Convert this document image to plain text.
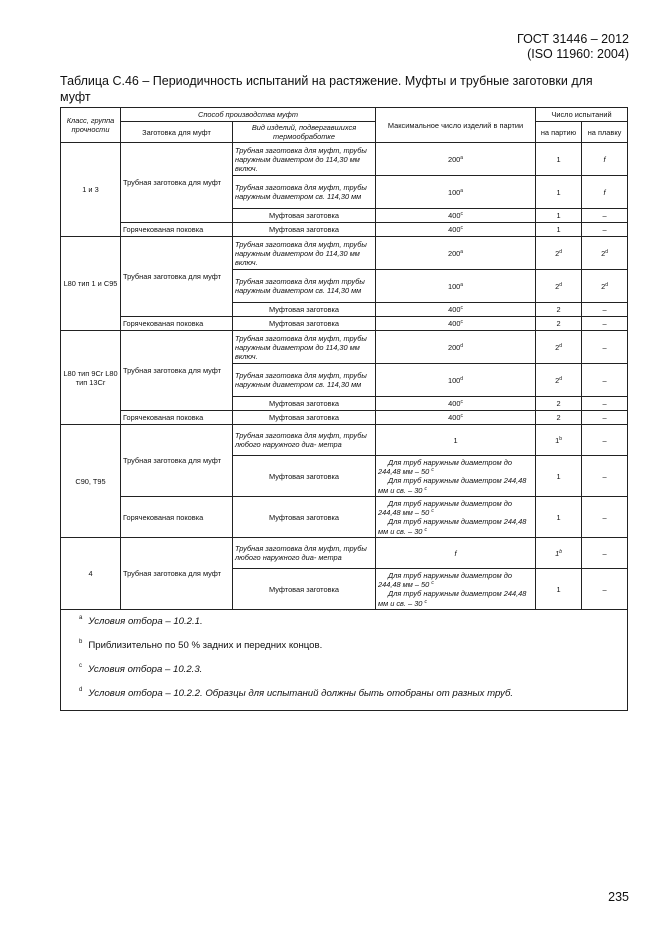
ГОСТ 31446 – 2012
(ISO 11960: 2004)
Таблица С.46 – Периодичность испытаний на растяжение. Муфты и трубные заготовки для муфт
Класс, группа прочности	Способ производства муфт		Максимальное число изделий в партии	Число испытаний	
	Заготовка для муфт	Вид изделий, подвергавшихся термообработке		на партию	на плавку
1 и 3	Трубная заготовка для муфт	Трубная заготовка для муфт, трубы наружным диаметром до 114,30 мм включ.	200$^a$	1	f
		Трубная заготовка для муфт, трубы наружным диаметром св. 114,30 мм	100$^a$	1	f
		Муфтовая заготовка	400$^c$	1	–
	Горячекованая поковка	Муфтовая заготовка	400$^c$	1	–
L80 тип 1 и C95	Трубная заготовка для муфт	Трубная заготовка для муфт, трубы наружным диаметром до 114,30 мм включ.	200$^a$	2$^d$	2$^d$
		Трубная заготовка для муфт трубы наружным диаметром св. 114,30 мм	100$^a$	2$^d$	2$^d$
		Муфтовая заготовка	400$^c$	2	–
	Горячекованая поковка	Муфтовая заготовка	400$^c$	2	–
L80 тип 9Cr L80 тип 13Cr	Трубная заготовка для муфт	Трубная заготовка для муфт, трубы наружным диаметром до 114,30 мм включ.	200$^d$	2$^d$	–
		Трубная заготовка для муфт, трубы наружным диаметром св. 114,30 мм	100$^d$	2$^d$	–
		Муфтовая заготовка	400$^c$	2	–
	Горячекованая поковка	Муфтовая заготовка	400$^c$	2	–
C90, T95	Трубная заготовка для муфт	Трубная заготовка для муфт, трубы любого наружного диа- метра	1	1$^b$	–
		Муфтовая заготовка	Для труб наружным диаметром до 244,48 мм – 50 $^c$
Для труб наружным диаметром 244,48 мм и св. – 30 $^c$	1	–
	Горячекованая поковка	Муфтовая заготовка	Для труб наружным диаметром до 244,48 мм – 50 $^c$
Для труб наружным диаметром 244,48 мм и св. – 30 $^c$	1	–
4	Трубная заготовка для муфт	Трубная заготовка для муфт, трубы любого наружного диа- метра	f	1$^b$	–
		Муфтовая заготовка	Для труб наружным диаметром до 244,48 мм – 50 $^c$
Для труб наружным диаметром 244,48 мм и св. – 30 $^c$	1	–

$^a$ Условия отбора – 10.2.1.
$^b$ Приблизительно по 50 % задних и передних концов.
$^c$ Условия отбора – 10.2.3.
$^d$ Условия отбора – 10.2.2. Образцы для испытаний должны быть отобраны от разных труб.					
235
